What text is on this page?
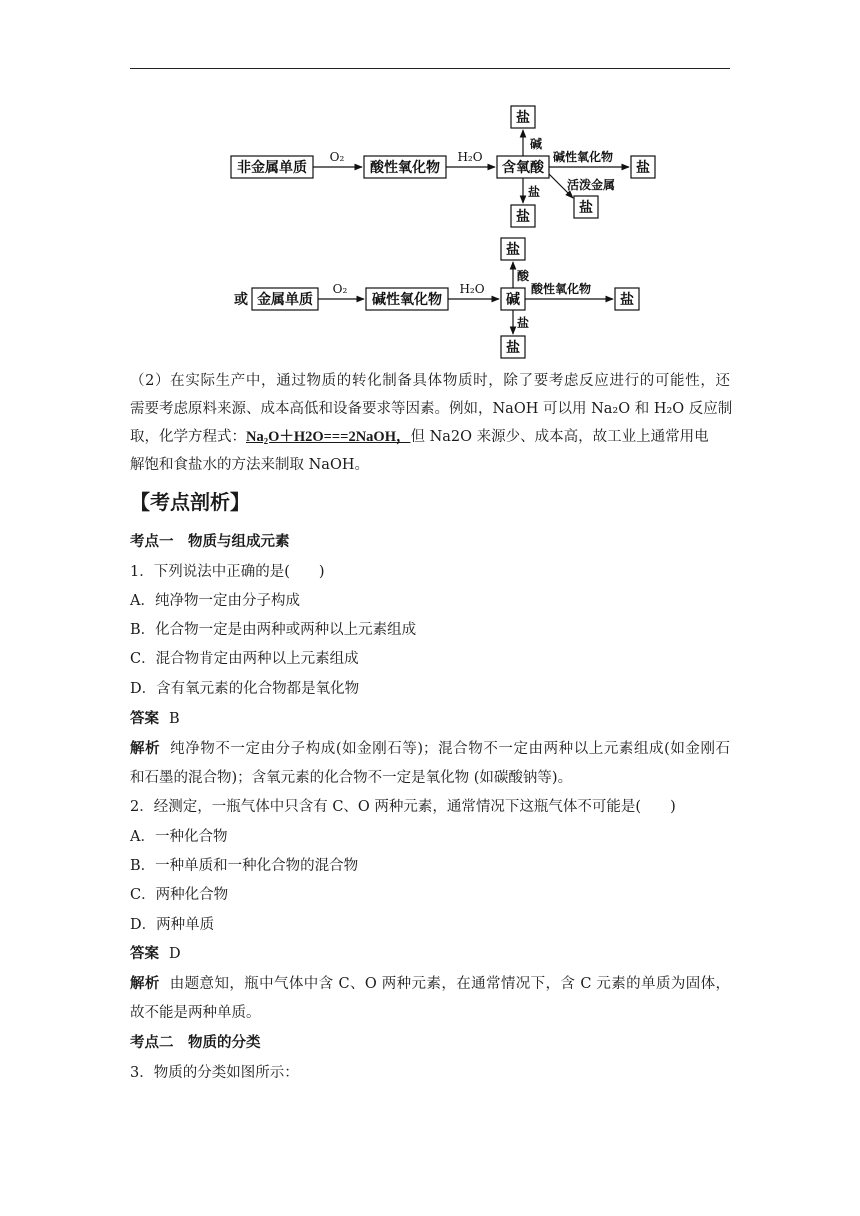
非金属单质	酸性氧化物	含氧酸
盐
盐
盐
盐
或 金属单质	碱性氧化物	碱
盐
盐
盐
O₂	H₂O
O₂	H₂O
碱
碱性氧化物
活泼金属
盐
酸
酸性氧化物
盐
（2）在实际生产中，通过物质的转化制备具体物质时，除了要考虑反应进行的可能性，还
需要考虑原料来源、成本高低和设备要求等因素。例如，NaOH 可以用 Na₂O 和 H₂O 反应制
取，化学方程式：Na₂O＋H2O===2NaOH，但 Na2O 来源少、成本高，故工业上通常用电
解饱和食盐水的方法来制取 NaOH。
【考点剖析】
考点一　物质与组成元素
1．下列说法中正确的是(　　)
A．纯净物一定由分子构成
B．化合物一定是由两种或两种以上元素组成
C．混合物肯定由两种以上元素组成
D．含有氧元素的化合物都是氧化物
答案 B
解析 纯净物不一定由分子构成(如金刚石等)；混合物不一定由两种以上元素组成(如金刚石
和石墨的混合物)；含氧元素的化合物不一定是氧化物 (如碳酸钠等)。
2．经测定，一瓶气体中只含有 C、O 两种元素，通常情况下这瓶气体不可能是(　　)
A．一种化合物
B．一种单质和一种化合物的混合物
C．两种化合物
D．两种单质
答案 D
解析 由题意知，瓶中气体中含 C、O 两种元素，在通常情况下，含 C 元素的单质为固体，
故不能是两种单质。
考点二　物质的分类
3．物质的分类如图所示：
